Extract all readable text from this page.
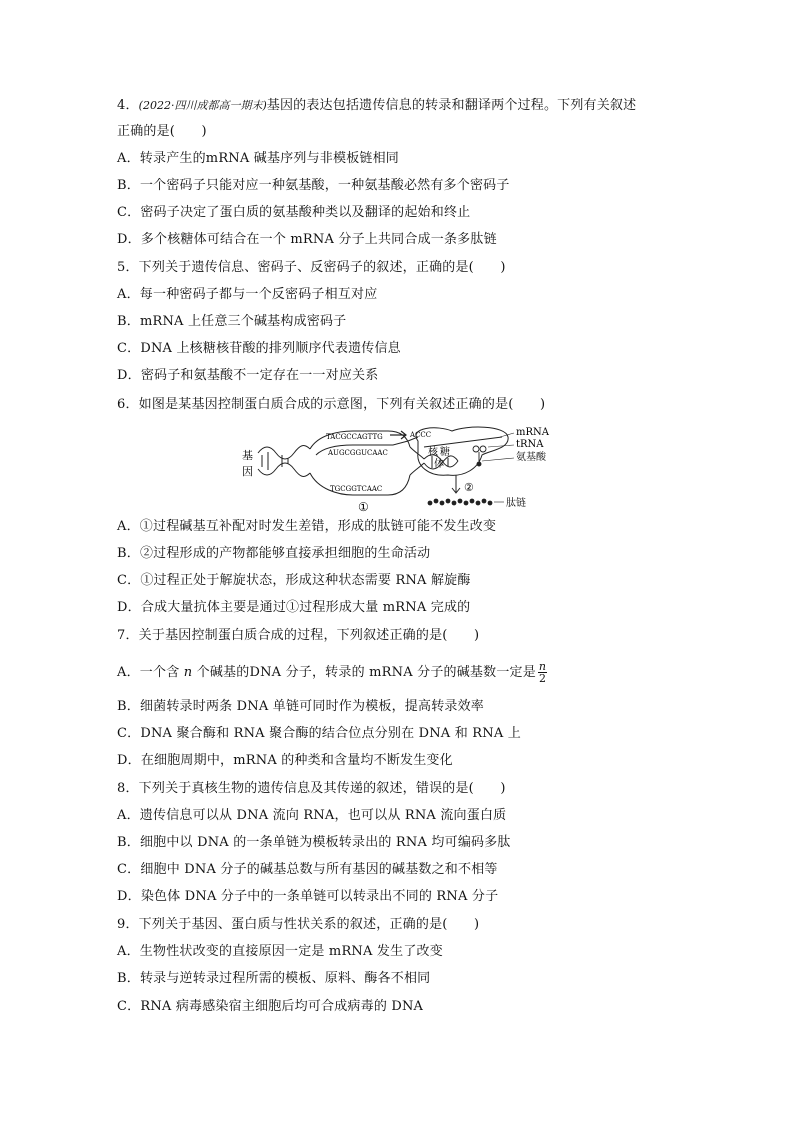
4．(2022·四川成都高一期末)基因的表达包括遗传信息的转录和翻译两个过程。下列有关叙述
正确的是(　　)
A．转录产生的mRNA 碱基序列与非模板链相同
B．一个密码子只能对应一种氨基酸，一种氨基酸必然有多个密码子
C．密码子决定了蛋白质的氨基酸种类以及翻译的起始和终止
D．多个核糖体可结合在一个 mRNA 分子上共同合成一条多肽链
5．下列关于遗传信息、密码子、反密码子的叙述，正确的是(　　)
A．每一种密码子都与一个反密码子相互对应
B．mRNA 上任意三个碱基构成密码子
C．DNA 上核糖核苷酸的排列顺序代表遗传信息
D．密码子和氨基酸不一定存在一一对应关系
6．如图是某基因控制蛋白质合成的示意图，下列有关叙述正确的是(　　)
基
因
TACGCCAGTTG
AUGCGGUCAAC
TGCGGTCAAC
ACCC
①
核 糖
体
mRNA
tRNA
氨基酸
②
肽链
A．①过程碱基互补配对时发生差错，形成的肽链可能不发生改变
B．②过程形成的产物都能够直接承担细胞的生命活动
C．①过程正处于解旋状态，形成这种状态需要 RNA 解旋酶
D．合成大量抗体主要是通过①过程形成大量 mRNA 完成的
7．关于基因控制蛋白质合成的过程，下列叙述正确的是(　　)
A．一个含 n 个碱基的DNA 分子，转录的 mRNA 分子的碱基数一定是 $\frac{n}{2}$
B．细菌转录时两条 DNA 单链可同时作为模板，提高转录效率
C．DNA 聚合酶和 RNA 聚合酶的结合位点分别在 DNA 和 RNA 上
D．在细胞周期中，mRNA 的种类和含量均不断发生变化
8．下列关于真核生物的遗传信息及其传递的叙述，错误的是(　　)
A．遗传信息可以从 DNA 流向 RNA，也可以从 RNA 流向蛋白质
B．细胞中以 DNA 的一条单链为模板转录出的 RNA 均可编码多肽
C．细胞中 DNA 分子的碱基总数与所有基因的碱基数之和不相等
D．染色体 DNA 分子中的一条单链可以转录出不同的 RNA 分子
9．下列关于基因、蛋白质与性状关系的叙述，正确的是(　　)
A．生物性状改变的直接原因一定是 mRNA 发生了改变
B．转录与逆转录过程所需的模板、原料、酶各不相同
C．RNA 病毒感染宿主细胞后均可合成病毒的 DNA
